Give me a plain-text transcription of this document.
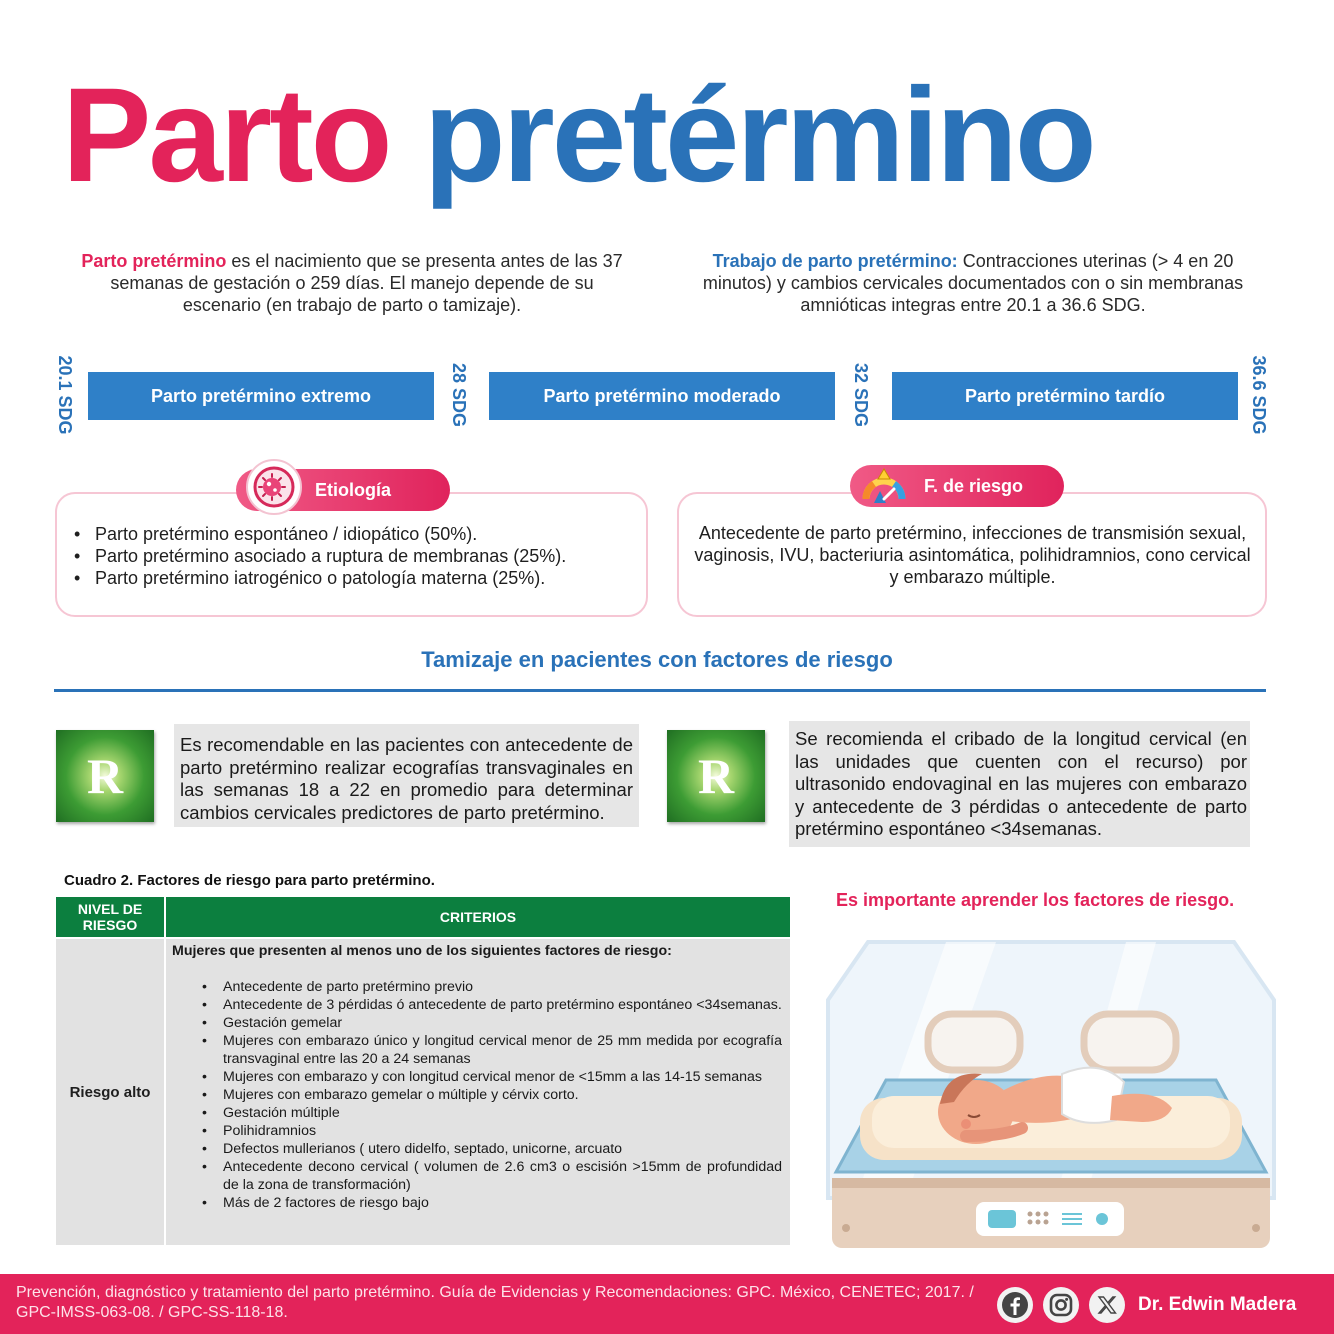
Parto pretérmino

Parto pretérmino es el nacimiento que se presenta antes de las 37 semanas de gestación o 259 días. El manejo depende de su escenario (en trabajo de parto o tamizaje).

Trabajo de parto pretérmino: Contracciones uterinas (> 4 en 20 minutos) y cambios cervicales documentados con o sin membranas amnióticas integras entre 20.1 a 36.6 SDG.

20.1 SDG	28 SDG	32 SDG	36.6 SDG
Parto pretérmino extremo	Parto pretérmino moderado	Parto pretérmino tardío
Etiología
• Parto pretérmino espontáneo / idiopático (50%).
• Parto pretérmino asociado a ruptura de membranas (25%).
• Parto pretérmino iatrogénico o patología materna (25%).
F. de riesgo

Antecedente de parto pretérmino, infecciones de transmisión sexual, vaginosis, IVU, bacteriuria asintomática, polihidramnios, cono cervical y embarazo múltiple.

Tamizaje en pacientes con factores de riesgo
R

Es recomendable en las pacientes con antecedente de parto pretérmino realizar ecografías transvaginales en las semanas 18 a 22 en promedio para determinar cambios cervicales predictores de parto pretérmino.

R

Se recomienda el cribado de la longitud cervical (en las unidades que cuenten con el recurso) por ultrasonido endovaginal en las mujeres con embarazo y antecedente de 3 pérdidas o antecedente de parto pretérmino espontáneo <34semanas.

Cuadro 2. Factores de riesgo para parto pretérmino.
NIVEL DE
RIESGO	CRITERIOS
Riesgo alto
Mujeres que presenten al menos uno de los siguientes factores de riesgo:
• Antecedente de parto pretérmino previo
• Antecedente de 3 pérdidas ó antecedente de parto pretérmino espontáneo <34semanas.
• Gestación gemelar
• Mujeres con embarazo único y longitud cervical menor de 25 mm medida por ecografía transvaginal entre las 20 a 24 semanas
• Mujeres con embarazo y con longitud cervical menor de <15mm a las 14-15 semanas
• Mujeres con embarazo gemelar o múltiple y cérvix corto.
• Gestación múltiple
• Polihidramnios
• Defectos mullerianos ( utero didelfo, septado, unicorne, arcuato
• Antecedente decono cervical ( volumen de 2.6 cm3 o escisión >15mm de profundidad de la zona de transformación)
• Más de 2 factores de riesgo bajo
Es importante aprender los factores de riesgo.

Prevención, diagnóstico y tratamiento del parto pretérmino. Guía de Evidencias y Recomendaciones: GPC. México, CENETEC; 2017. / GPC-IMSS-063-08. / GPC-SS-118-18.	Dr. Edwin Madera
